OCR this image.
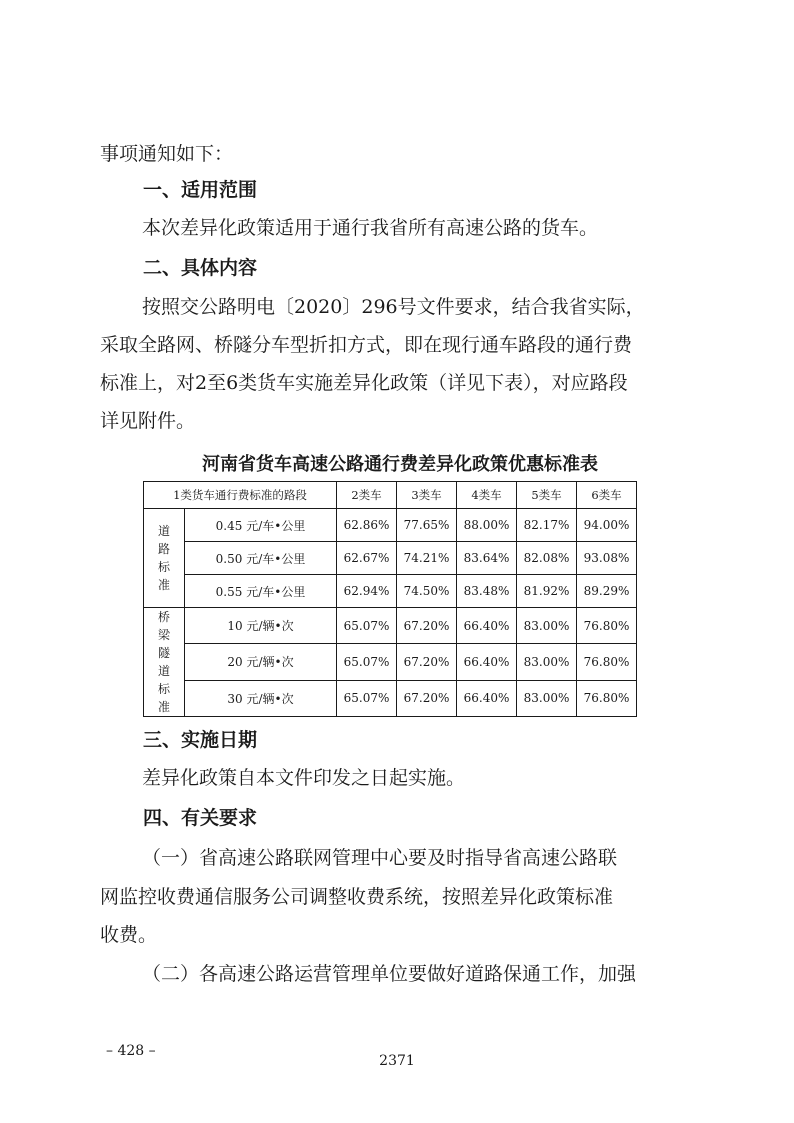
事项通知如下：

一、适用范围

本次差异化政策适用于通行我省所有高速公路的货车。

二、具体内容

按照交公路明电〔2020〕296号文件要求，结合我省实际，

采取全路网、桥隧分车型折扣方式，即在现行通车路段的通行费

标准上，对2至6类货车实施差异化政策（详见下表），对应路段

详见附件。

河南省货车高速公路通行费差异化政策优惠标准表

1类货车通行费标准的路段		2类车	3类车	4类车	5类车	6类车
道路标准	0.45 元/车•公里	62.86%	77.65%	88.00%	82.17%	94.00%
	0.50 元/车•公里	62.67%	74.21%	83.64%	82.08%	93.08%
	0.55 元/车•公里	62.94%	74.50%	83.48%	81.92%	89.29%
桥梁隧道标准	10 元/辆•次	65.07%	67.20%	66.40%	83.00%	76.80%
	20 元/辆•次	65.07%	67.20%	66.40%	83.00%	76.80%
	30 元/辆•次	65.07%	67.20%	66.40%	83.00%	76.80%

三、实施日期

差异化政策自本文件印发之日起实施。

四、有关要求

（一）省高速公路联网管理中心要及时指导省高速公路联

网监控收费通信服务公司调整收费系统，按照差异化政策标准

收费。

（二）各高速公路运营管理单位要做好道路保通工作，加强

– 428 –

2371
